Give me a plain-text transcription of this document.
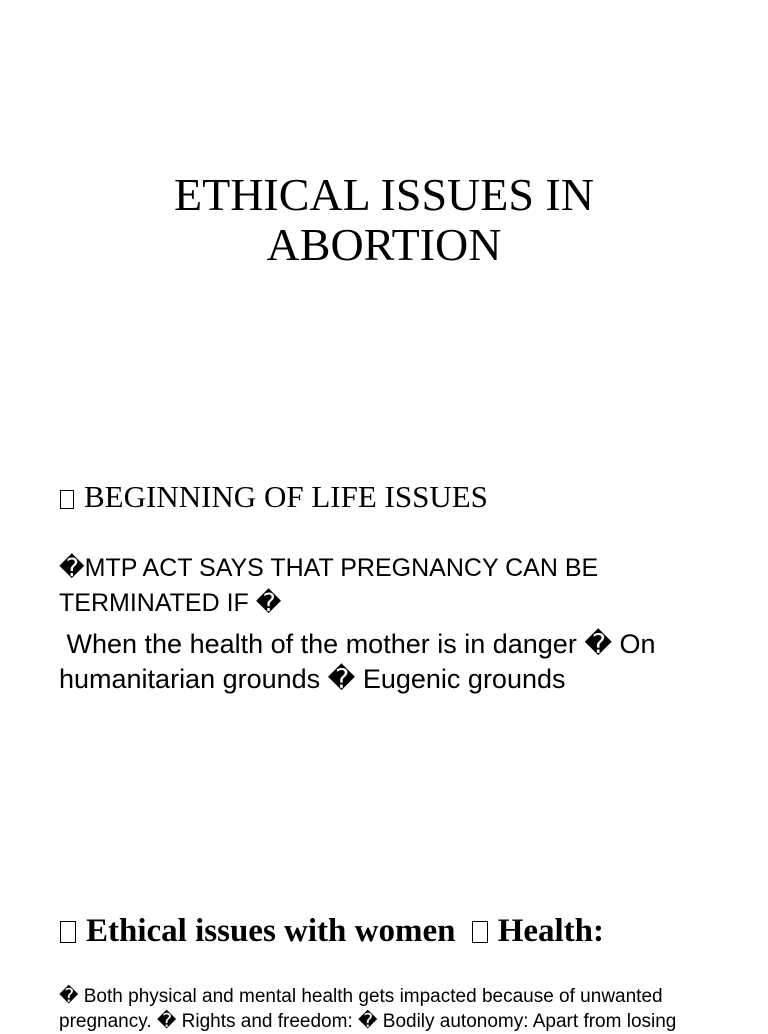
ETHICAL ISSUES IN
ABORTION
BEGINNING OF LIFE ISSUES
�MTP ACT SAYS THAT PREGNANCY CAN BE
TERMINATED IF �
When the health of the mother is in danger � On
humanitarian grounds � Eugenic grounds
Ethical issues with women Health:
� Both physical and mental health gets impacted because of unwanted
pregnancy. � Rights and freedom: � Bodily autonomy: Apart from losing
